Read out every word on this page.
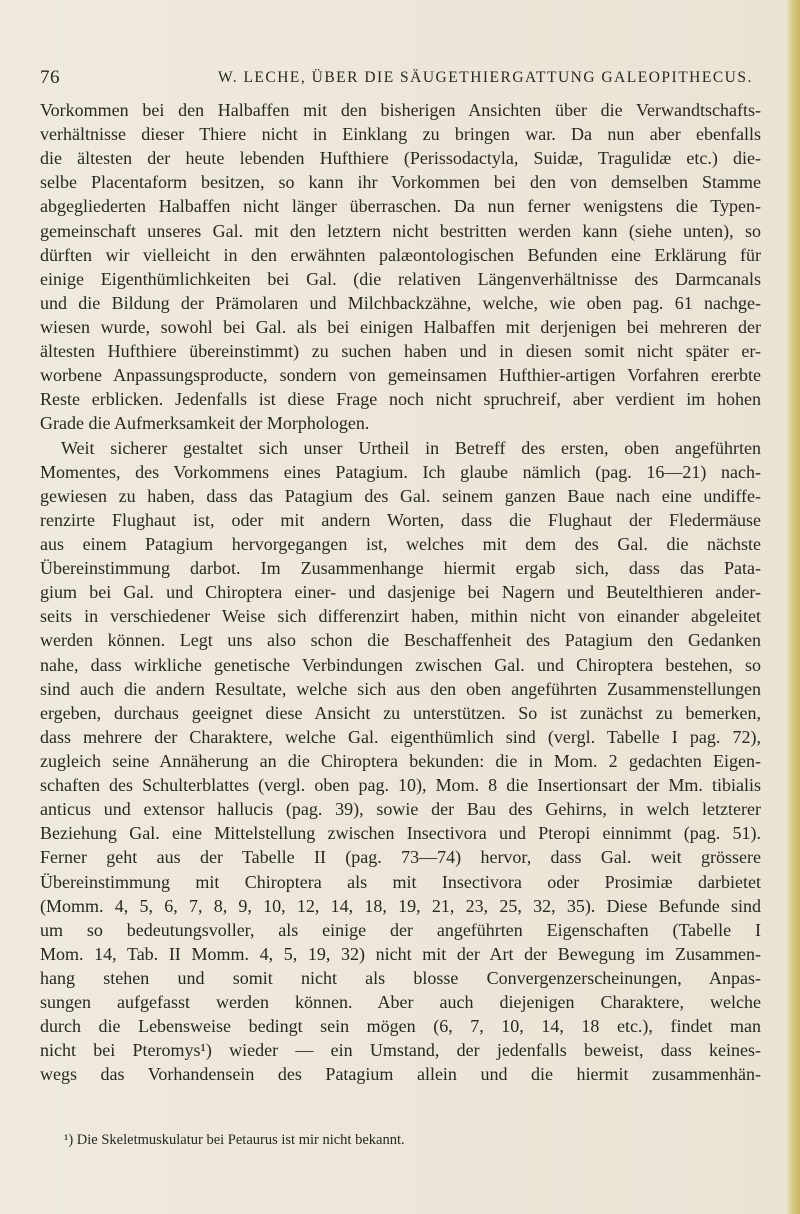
76	W. LECHE, ÜBER DIE SÄUGETHIERGATTUNG GALEOPITHECUS.
Vorkommen bei den Halbaffen mit den bisherigen Ansichten über die Verwandtschafts-
verhältnisse dieser Thiere nicht in Einklang zu bringen war. Da nun aber ebenfalls
die ältesten der heute lebenden Hufthiere (Perissodactyla, Suidæ, Tragulidæ etc.) die-
selbe Placentaform besitzen, so kann ihr Vorkommen bei den von demselben Stamme
abgegliederten Halbaffen nicht länger überraschen. Da nun ferner wenigstens die Typen-
gemeinschaft unseres Gal. mit den letztern nicht bestritten werden kann (siehe unten), so
dürften wir vielleicht in den erwähnten palæontologischen Befunden eine Erklärung für
einige Eigenthümlichkeiten bei Gal. (die relativen Längenverhältnisse des Darmcanals
und die Bildung der Prämolaren und Milchbackzähne, welche, wie oben pag. 61 nachge-
wiesen wurde, sowohl bei Gal. als bei einigen Halbaffen mit derjenigen bei mehreren der
ältesten Hufthiere übereinstimmt) zu suchen haben und in diesen somit nicht später er-
worbene Anpassungsproducte, sondern von gemeinsamen Hufthier-artigen Vorfahren ererbte
Reste erblicken. Jedenfalls ist diese Frage noch nicht spruchreif, aber verdient im hohen
Grade die Aufmerksamkeit der Morphologen.
Weit sicherer gestaltet sich unser Urtheil in Betreff des ersten, oben angeführten
Momentes, des Vorkommens eines Patagium. Ich glaube nämlich (pag. 16—21) nach-
gewiesen zu haben, dass das Patagium des Gal. seinem ganzen Baue nach eine undiffe-
renzirte Flughaut ist, oder mit andern Worten, dass die Flughaut der Fledermäuse
aus einem Patagium hervorgegangen ist, welches mit dem des Gal. die nächste
Übereinstimmung darbot. Im Zusammenhange hiermit ergab sich, dass das Pata-
gium bei Gal. und Chiroptera einer- und dasjenige bei Nagern und Beutelthieren ander-
seits in verschiedener Weise sich differenzirt haben, mithin nicht von einander abgeleitet
werden können. Legt uns also schon die Beschaffenheit des Patagium den Gedanken
nahe, dass wirkliche genetische Verbindungen zwischen Gal. und Chiroptera bestehen, so
sind auch die andern Resultate, welche sich aus den oben angeführten Zusammenstellungen
ergeben, durchaus geeignet diese Ansicht zu unterstützen. So ist zunächst zu bemerken,
dass mehrere der Charaktere, welche Gal. eigenthümlich sind (vergl. Tabelle I pag. 72),
zugleich seine Annäherung an die Chiroptera bekunden: die in Mom. 2 gedachten Eigen-
schaften des Schulterblattes (vergl. oben pag. 10), Mom. 8 die Insertionsart der Mm. tibialis
anticus und extensor hallucis (pag. 39), sowie der Bau des Gehirns, in welch letzterer
Beziehung Gal. eine Mittelstellung zwischen Insectivora und Pteropi einnimmt (pag. 51).
Ferner geht aus der Tabelle II (pag. 73—74) hervor, dass Gal. weit grössere
Übereinstimmung mit Chiroptera als mit Insectivora oder Prosimiæ darbietet
(Momm. 4, 5, 6, 7, 8, 9, 10, 12, 14, 18, 19, 21, 23, 25, 32, 35). Diese Befunde sind
um so bedeutungsvoller, als einige der angeführten Eigenschaften (Tabelle I
Mom. 14, Tab. II Momm. 4, 5, 19, 32) nicht mit der Art der Bewegung im Zusammen-
hang stehen und somit nicht als blosse Convergenzerscheinungen, Anpas-
sungen aufgefasst werden können. Aber auch diejenigen Charaktere, welche
durch die Lebensweise bedingt sein mögen (6, 7, 10, 14, 18 etc.), findet man
nicht bei Pteromys¹) wieder — ein Umstand, der jedenfalls beweist, dass keines-
wegs das Vorhandensein des Patagium allein und die hiermit zusammenhän-
¹) Die Skeletmuskulatur bei Petaurus ist mir nicht bekannt.
